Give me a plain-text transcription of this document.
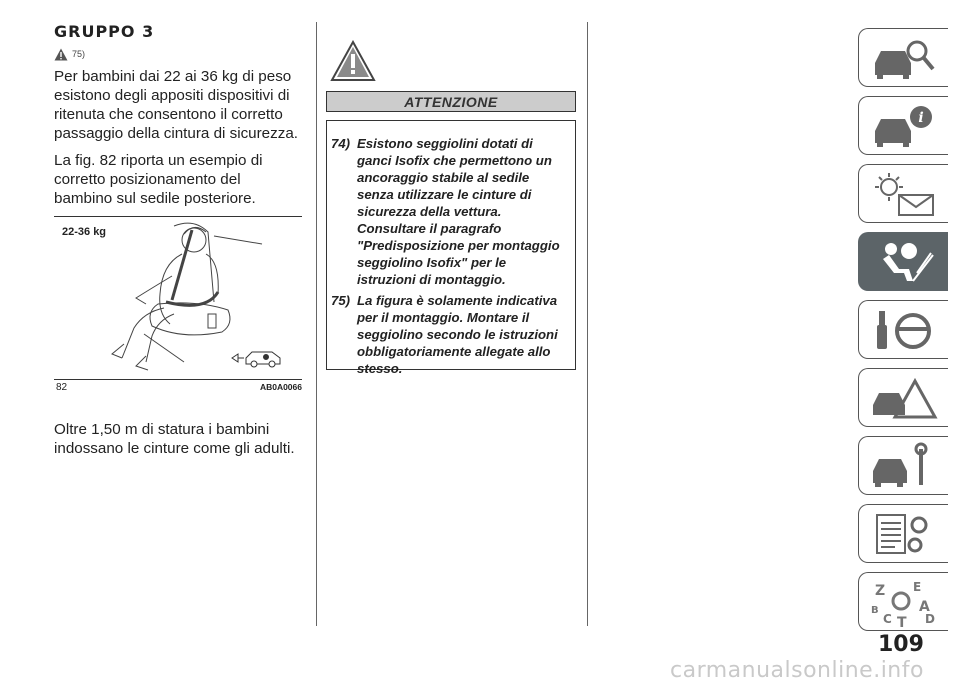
GRUPPO 3
75)

Per bambini dai 22 ai 36 kg di peso esistono degli appositi dispositivi di ritenuta che consentono il corretto passaggio della cintura di sicurezza.

La fig. 82 riporta un esempio di corretto posizionamento del bambino sul sedile posteriore.

22-36 kg
82	AB0A0066

Oltre 1,50 m di statura i bambini indossano le cinture come gli adulti.

ATTENZIONE
74) Esistono seggiolini dotati di ganci Isofix che permettono un ancoraggio stabile al sedile senza utilizzare le cinture di sicurezza della vettura. Consultare il paragrafo "Predisposizione per montaggio seggiolino Isofix" per le istruzioni di montaggio.
75) La figura è solamente indicativa per il montaggio. Montare il seggiolino secondo le istruzioni obbligatoriamente allegate allo stesso.
i
Z E
B	A
C T D
109
carmanualsonline.info
